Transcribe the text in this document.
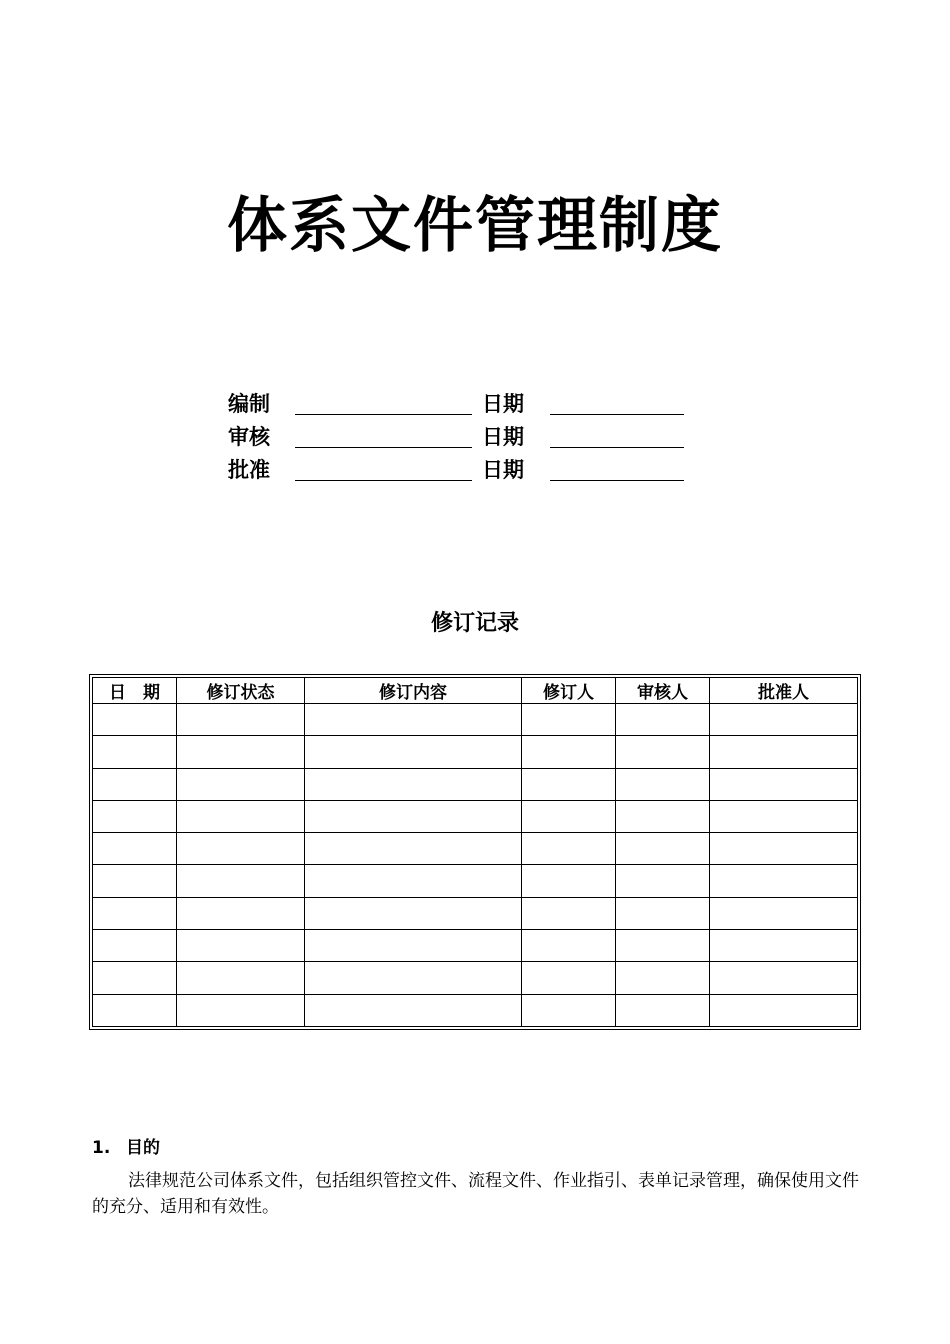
体系文件管理制度
编制	日期
审核	日期
批准	日期
修订记录
日　期	修订状态	修订内容	修订人	审核人	批准人

1. 目的

法律规范公司体系文件，包括组织管控文件、流程文件、作业指引、表单记录管理，确保使用文件的充分、适用和有效性。
